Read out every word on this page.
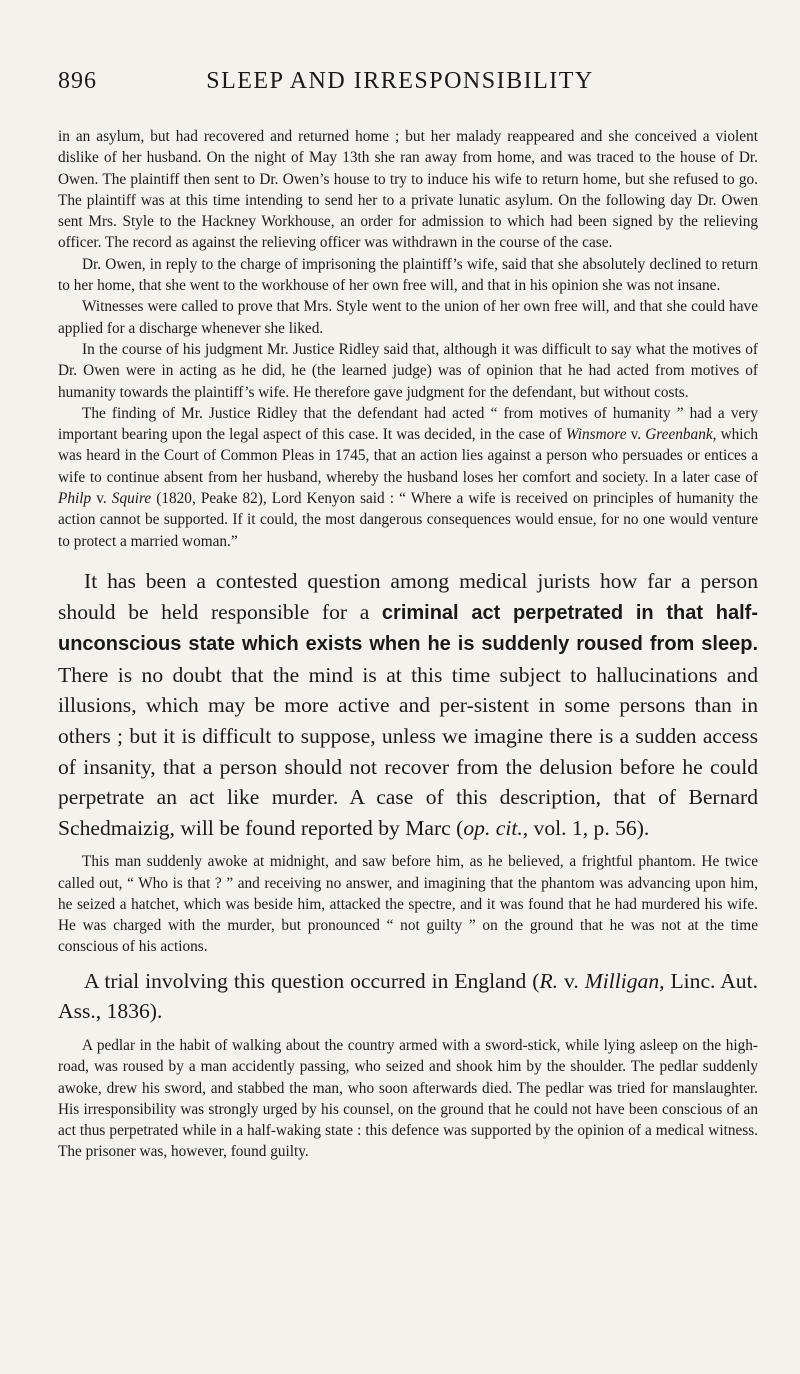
896	SLEEP AND IRRESPONSIBILITY

in an asylum, but had recovered and returned home ; but her malady reappeared and she conceived a violent dislike of her husband. On the night of May 13th she ran away from home, and was traced to the house of Dr. Owen. The plaintiff then sent to Dr. Owen’s house to try to induce his wife to return home, but she refused to go. The plaintiff was at this time intending to send her to a private lunatic asylum. On the following day Dr. Owen sent Mrs. Style to the Hackney Workhouse, an order for admission to which had been signed by the relieving officer. The record as against the relieving officer was withdrawn in the course of the case.

Dr. Owen, in reply to the charge of imprisoning the plaintiff’s wife, said that she absolutely declined to return to her home, that she went to the workhouse of her own free will, and that in his opinion she was not insane.

Witnesses were called to prove that Mrs. Style went to the union of her own free will, and that she could have applied for a discharge whenever she liked.

In the course of his judgment Mr. Justice Ridley said that, although it was difficult to say what the motives of Dr. Owen were in acting as he did, he (the learned judge) was of opinion that he had acted from motives of humanity towards the plaintiff’s wife. He therefore gave judgment for the defendant, but without costs.

The finding of Mr. Justice Ridley that the defendant had acted “ from motives of humanity ” had a very important bearing upon the legal aspect of this case. It was decided, in the case of Winsmore v. Greenbank, which was heard in the Court of Common Pleas in 1745, that an action lies against a person who persuades or entices a wife to continue absent from her husband, whereby the husband loses her comfort and society. In a later case of Philp v. Squire (1820, Peake 82), Lord Kenyon said : “ Where a wife is received on principles of humanity the action cannot be supported. If it could, the most dangerous consequences would ensue, for no one would venture to protect a married woman.”

It has been a contested question among medical jurists how far a person should be held responsible for a criminal act perpetrated in that half-unconscious state which exists when he is suddenly roused from sleep. There is no doubt that the mind is at this time subject to hallucinations and illusions, which may be more active and per-sistent in some persons than in others ; but it is difficult to suppose, unless we imagine there is a sudden access of insanity, that a person should not recover from the delusion before he could perpetrate an act like murder. A case of this description, that of Bernard Schedmaizig, will be found reported by Marc (op. cit., vol. 1, p. 56).

This man suddenly awoke at midnight, and saw before him, as he believed, a frightful phantom. He twice called out, “ Who is that ? ” and receiving no answer, and imagining that the phantom was advancing upon him, he seized a hatchet, which was beside him, attacked the spectre, and it was found that he had murdered his wife. He was charged with the murder, but pronounced “ not guilty ” on the ground that he was not at the time conscious of his actions.

A trial involving this question occurred in England (R. v. Milligan, Linc. Aut. Ass., 1836).

A pedlar in the habit of walking about the country armed with a sword-stick, while lying asleep on the high-road, was roused by a man accidently passing, who seized and shook him by the shoulder. The pedlar suddenly awoke, drew his sword, and stabbed the man, who soon afterwards died. The pedlar was tried for manslaughter. His irresponsibility was strongly urged by his counsel, on the ground that he could not have been conscious of an act thus perpetrated while in a half-waking state : this defence was supported by the opinion of a medical witness. The prisoner was, however, found guilty.
